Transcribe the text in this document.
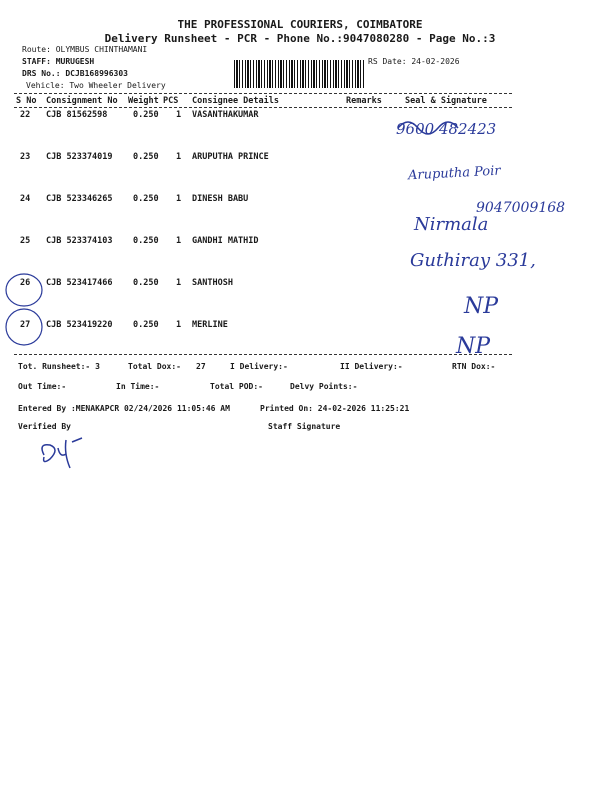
THE PROFESSIONAL COURIERS, COIMBATORE
Delivery Runsheet - PCR - Phone No.:9047080280 - Page No.:3
Route: OLYMBUS CHINTHAMANI
STAFF: MURUGESH
DRS No.: DCJB168996303
Vehicle: Two Wheeler Delivery
RS Date: 24-02-2026
S No Consignment No Weight PCS Consignee Details	Remarks	Seal & Signature
22 CJB 81562598	0.250 1 VASANTHAKUMAR
23 CJB 523374019 0.250 1 ARUPUTHA PRINCE
24 CJB 523346265 0.250 1 DINESH BABU
25 CJB 523374103 0.250 1 GANDHI MATHID
26 CJB 523417466 0.250 1 SANTHOSH
27 CJB 523419220 0.250 1 MERLINE
Tot. Runsheet:- 3	Total Dox:- 27	I Delivery:-	II Delivery:-	RTN Dox:-
Out Time:-	In Time:-	Total POD:-	Delvy Points:-
Entered By :MENAKAPCR 02/24/2026 11:05:46 AM	Printed On: 24-02-2026 11:25:21
Verified By	Staff Signature
9600 482423
Aruputha Poir
9047009168
Nirmala
Guthiray 331,
NP
NP
